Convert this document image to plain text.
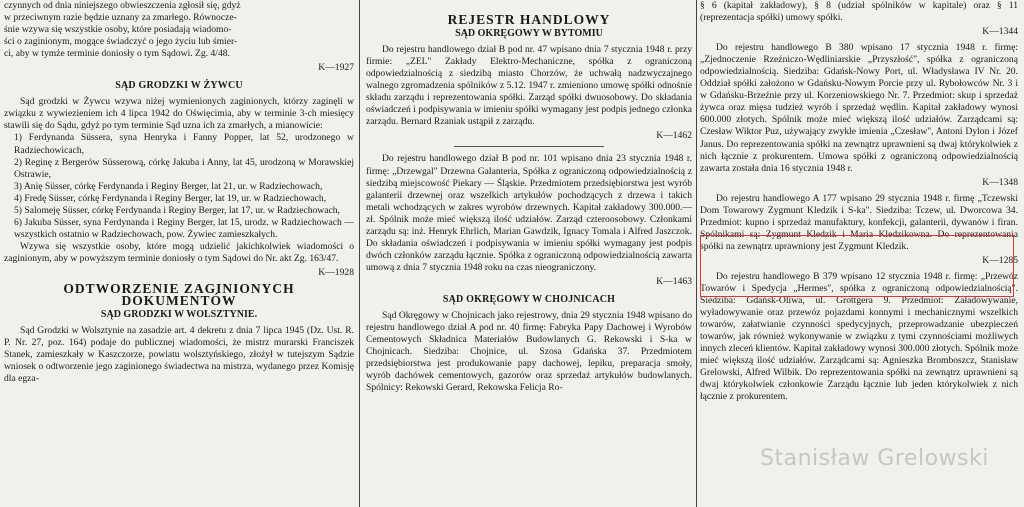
czynnych od dnia niniejszego obwieszczenia zgłosił się, gdyż

w przeciwnym razie będzie uznany za zmarłego. Równocze-

śnie wzywa się wszystkie osoby, które posiadają wiadomo-

ści o zaginionym, mogące świadczyć o jego życiu lub śmier-

ci, aby w tymże terminie doniosły o tym Sądowi. Zg. 4/48.

K—1927
SĄD GRODZKI W ŻYWCU

Sąd grodzki w Żywcu wzywa niżej wymienionych zaginionych, którzy zaginęli w związku z wywiezieniem ich 4 lipca 1942 do Oświęcimia, aby w terminie 3-ch miesięcy stawili się do Sądu, gdyż po tym terminie Sąd uzna ich za zmarłych, a mianowicie:

1) Ferdynanda Süssera, syna Henryka i Fanny Popper, lat 52, urodzonego w Radziechowicach,

2) Reginę z Bergerów Süsserową, córkę Jakuba i Anny, lat 45, urodzoną w Morawskiej Ostrawie,

3) Anię Süsser, córkę Ferdynanda i Reginy Berger, lat 21, ur. w Radziechowach,

4) Fredę Süsser, córkę Ferdynanda i Reginy Berger, lat 19, ur. w Radziechowach,

5) Salomeję Süsser, córkę Ferdynanda i Reginy Berger, lat 17, ur. w Radziechowach,

6) Jakuba Süsser, syna Ferdynanda i Reginy Berger, lat 15, urodz. w Radziechowach — wszystkich ostatnio w Radziechowach, pow. Żywiec zamieszkałych.

Wzywa się wszystkie osoby, które mogą udzielić jakichkolwiek wiadomości o zaginionym, aby w powyższym terminie doniosły o tym Sądowi do Nr. akt Zg. 163/47.

K—1928
ODTWORZENIE ZAGINIONYCH DOKUMENTÓW
SĄD GRODZKI W WOLSZTYNIE.

Sąd Grodzki w Wolsztynie na zasadzie art. 4 dekretu z dnia 7 lipca 1945 (Dz. Ust. R. P. Nr. 27, poz. 164) podaje do publicznej wiadomości, że mistrz murarski Franciszek Stanek, zamieszkały w Kaszczorze, powiatu wolsztyńskiego, złożył w tutejszym Sądzie wniosek o odtworzenie jego zaginionego świadectwa na mistrza, wydanego przez Komisję dla egza-

REJESTR HANDLOWY
SĄD OKRĘGOWY W BYTOMIU

Do rejestru handlowego dział B pod nr. 47 wpisano dnia 7 stycznia 1948 r. przy firmie: „ZEL" Zakłady Elektro-Mechaniczne, spółka z ograniczoną odpowiedzialnością z siedzibą miasto Chorzów, że uchwałą nadzwyczajnego walnego zgromadzenia spólników z 5.12. 1947 r. zmieniono umowę spółki odnośnie składu zarządu i reprezentowania spółki. Zarząd spółki dwuosobowy. Do składania oświadczeń i podpisywania w imieniu spółki wymagany jest podpis jednego członka zarządu. Bernard Rzaniak ustąpił z zarządu.

K—1462

Do rejestru handlowego dział B pod nr. 101 wpisano dnia 23 stycznia 1948 r. firmę: „Drzewgal" Drzewna Galanteria, Spółka z ograniczoną odpowiedzialnością z siedzibą miejscowość Piekary — Śląskie. Przedmiotem przedsiębiorstwa jest wyrób galanterii drzewnej oraz wszelkich artykułów pochodzących z drzewa i takich metali wchodzących w zakres wyrobów drzewnych. Kapitał zakładowy 300.000.— zł. Spólnik może mieć większą ilość udziałów. Zarząd czteroosobowy. Członkami zarządu są: inż. Henryk Ehrlich, Marian Gawdzik, Ignacy Tomala i Alfred Jaszczok. Do składania oświadczeń i podpisywania w imieniu spółki wymagany jest podpis dwóch członków zarządu łącznie. Spółka z ograniczoną odpowiedzialnością zawarta umową z dnia 7 stycznia 1948 roku na czas nieograniczony.

K—1463
SĄD OKRĘGOWY W CHOJNICACH

Sąd Okręgowy w Chojnicach jako rejestrowy, dnia 29 stycznia 1948 wpisano do rejestru handlowego dział A pod nr. 40 firmę: Fabryka Papy Dachowej i Wyrobów Cementowych Składnica Materiałów Budowlanych G. Rekowski i S-ka w Chojnicach. Siedziba: Chojnice, ul. Szosa Gdańska 37. Przedmiotem przedsiębiorstwa jest produkowanie papy dachowej, lepiku, preparacja smoły, wyrób dachówek cementowych, gazorów oraz sprzedaż artykułów budowlanych. Spólnicy: Rekowski Gerard, Rekowska Felicja Ro-

§ 6 (kapitał zakładowy), § 8 (udział spólników w kapitale) oraz § 11 (reprezentacja spółki) umowy spółki.

K—1344

Do rejestru handlowego B 380 wpisano 17 stycznia 1948 r. firmę: „Zjednoczenie Rzeźniczo-Wędliniarskie „Przyszłość", spółka z ograniczoną odpowiedzialnością. Siedziba: Gdańsk-Nowy Port, ul. Władysława IV Nr. 20. Oddział spółki założono w Gdańsku-Nowym Porcie przy ul. Rybołowców Nr. 3 i w Gdańsku-Brzeźnie przy ul. Korzeniowskiego Nr. 7. Przedmiot: skup i sprzedaż żywca oraz mięsa tudzież wyrób i sprzedaż wędlin. Kapitał zakładowy wynosi 600.000 złotych. Spólnik może mieć większą ilość udziałów. Zarządcami są: Czesław Wiktor Puz, używający zwykle imienia „Czesław", Antoni Dylon i Józef Janus. Do reprezentowania spółki na zewnątrz uprawnieni są dwaj którykolwiek z nich łącznie z prokurentem. Umowa spółki z ograniczoną odpowiedzialnością zawarta została dnia 16 stycznia 1948 r.

K—1348

Do rejestru handlowego A 177 wpisano 29 stycznia 1948 r. firmę „Tczewski Dom Towarowy Zygmunt Kledzik i S-ka". Siedziba: Tczew, ul. Dworcowa 34. Przedmiot: kupno i sprzedaż manufaktury, konfekcji, galanterii, dywanów i firan. Spólnikami są: Zygmunt Kledzik i Maria Kledzikowna. Do reprezentowania spółki na zewnątrz uprawniony jest Zygmunt Kledzik.

K—1285

Do rejestru handlowego B 379 wpisano 12 stycznia 1948 r. firmę: „Przewóz Towarów i Spedycja „Hermes", spółka z ograniczoną odpowiedzialnością". Siedziba: Gdańsk-Oliwa, ul. Grottgera 9. Przedmiot: Załadowywanie, wyładowywanie oraz przewóz pojazdami konnymi i mechanicznymi wszelkich towarów, załatwianie czynności spedycyjnych, przeprowadzanie ubezpieczeń towarów, jak również wykonywanie w związku z tymi czynnościami możliwych innych zleceń klientów. Kapitał zakładowy wynosi 300.000 złotych. Spólnik może mieć większą ilość udziałów. Zarządcami są: Agnieszka Bromboszcz, Stanisław Grelowski, Alfred Wilbik. Do reprezentowania spółki na zewnątrz uprawnieni są dwaj którykolwiek członkowie Zarządu łącznie lub jeden którykolwiek z nich łącznie z prokurentem.

Stanisław Grelowski
